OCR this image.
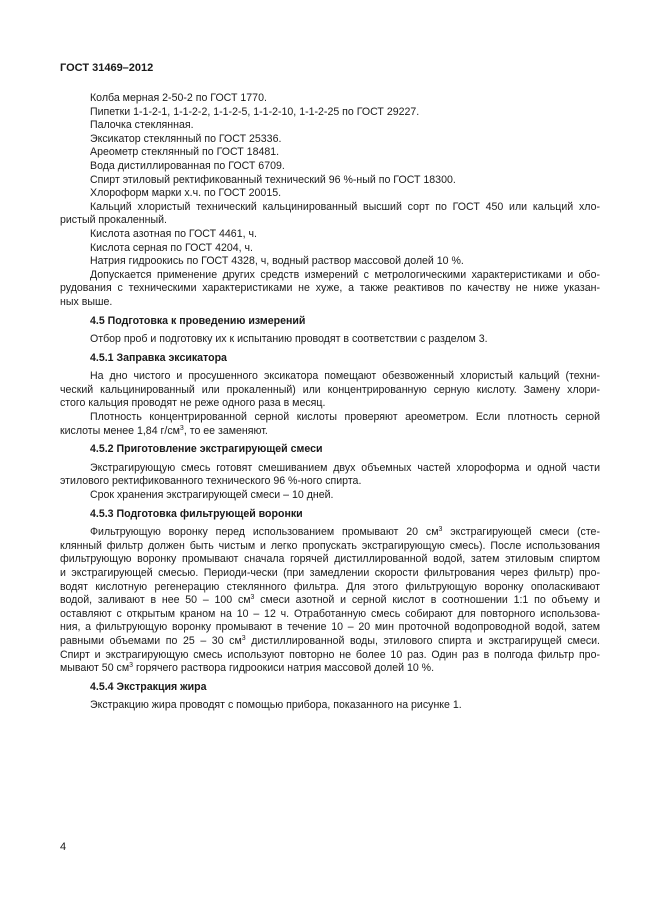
ГОСТ 31469–2012
Колба мерная 2-50-2 по ГОСТ 1770.
Пипетки 1-1-2-1, 1-1-2-2, 1-1-2-5, 1-1-2-10, 1-1-2-25 по ГОСТ 29227.
Палочка стеклянная.
Эксикатор стеклянный по ГОСТ 25336.
Ареометр стеклянный по ГОСТ 18481.
Вода дистиллированная по ГОСТ 6709.
Спирт этиловый ректификованный технический 96 %-ный по ГОСТ 18300.
Хлороформ марки х.ч. по ГОСТ 20015.
Кальций хлористый технический кальцинированный высший сорт по ГОСТ 450 или кальций хло-
ристый прокаленный.
Кислота азотная по ГОСТ 4461, ч.
Кислота серная по ГОСТ 4204, ч.
Натрия гидроокись по ГОСТ 4328, ч, водный раствор массовой долей 10 %.
Допускается применение других средств измерений с метрологическими характеристиками и обо-
рудования с техническими характеристиками не хуже, а также реактивов по качеству не ниже указан-
ных выше.
4.5 Подготовка к проведению измерений
Отбор проб и подготовку их к испытанию проводят в соответствии с разделом 3.
4.5.1 Заправка эксикатора
На дно чистого и просушенного эксикатора помещают обезвоженный хлористый кальций (техни-
ческий кальцинированный или прокаленный) или концентрированную серную кислоту. Замену хлори-
стого кальция проводят не реже одного раза в месяц.
Плотность концентрированной серной кислоты проверяют ареометром. Если плотность серной
кислоты менее 1,84 $г/см^3$, то ее заменяют.
4.5.2 Приготовление экстрагирующей смеси
Экстрагирующую смесь готовят смешиванием двух объемных частей хлороформа и одной части
этилового ректификованного технического 96 %-ного спирта.
Срок хранения экстрагирующей смеси – 10 дней.
4.5.3 Подготовка фильтрующей воронки
Фильтрующую воронку перед использованием промывают 20 $см^3$ экстрагирующей смеси (сте-
клянный фильтр должен быть чистым и легко пропускать экстрагирующую смесь). После использования
фильтрующую воронку промывают сначала горячей дистиллированной водой, затем этиловым спиртом
и экстрагирующей смесью. Периоди-чески (при замедлении скорости фильтрования через фильтр) про-
водят кислотную регенерацию стеклянного фильтра. Для этого фильтрующую воронку ополаскивают
водой, заливают в нее 50 – 100 $см^3$ смеси азотной и серной кислот в соотношении 1:1 по объему и
оставляют с открытым краном на 10 – 12 ч. Отработанную смесь собирают для повторного использова-
ния, а фильтрующую воронку промывают в течение 10 – 20 мин проточной водопроводной водой, затем
равными объемами по 25 – 30 $см^3$ дистиллированной воды, этилового спирта и экстрагирущей смеси.
Спирт и экстрагирующую смесь используют повторно не более 10 раз. Один раз в полгода фильтр про-
мывают 50 $см^3$ горячего раствора гидроокиси натрия массовой долей 10 %.
4.5.4 Экстракция жира
Экстракцию жира проводят с помощью прибора, показанного на рисунке 1.
4
